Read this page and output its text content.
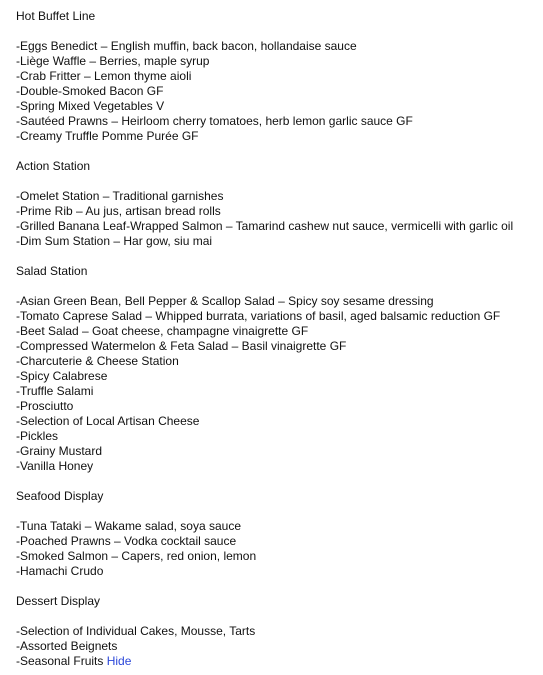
Hot Buffet Line
-Eggs Benedict – English muffin, back bacon, hollandaise sauce
-Liège Waffle – Berries, maple syrup
-Crab Fritter – Lemon thyme aioli
-Double-Smoked Bacon GF
-Spring Mixed Vegetables V
-Sautéed Prawns – Heirloom cherry tomatoes, herb lemon garlic sauce GF
-Creamy Truffle Pomme Purée GF
Action Station
-Omelet Station – Traditional garnishes
-Prime Rib – Au jus, artisan bread rolls
-Grilled Banana Leaf-Wrapped Salmon – Tamarind cashew nut sauce, vermicelli with garlic oil
-Dim Sum Station – Har gow, siu mai
Salad Station
-Asian Green Bean, Bell Pepper & Scallop Salad – Spicy soy sesame dressing
-Tomato Caprese Salad – Whipped burrata, variations of basil, aged balsamic reduction GF
-Beet Salad – Goat cheese, champagne vinaigrette GF
-Compressed Watermelon & Feta Salad – Basil vinaigrette GF
-Charcuterie & Cheese Station
-Spicy Calabrese
-Truffle Salami
-Prosciutto
-Selection of Local Artisan Cheese
-Pickles
-Grainy Mustard
-Vanilla Honey
Seafood Display
-Tuna Tataki – Wakame salad, soya sauce
-Poached Prawns – Vodka cocktail sauce
-Smoked Salmon – Capers, red onion, lemon
-Hamachi Crudo
Dessert Display
-Selection of Individual Cakes, Mousse, Tarts
-Assorted Beignets
-Seasonal Fruits Hide
